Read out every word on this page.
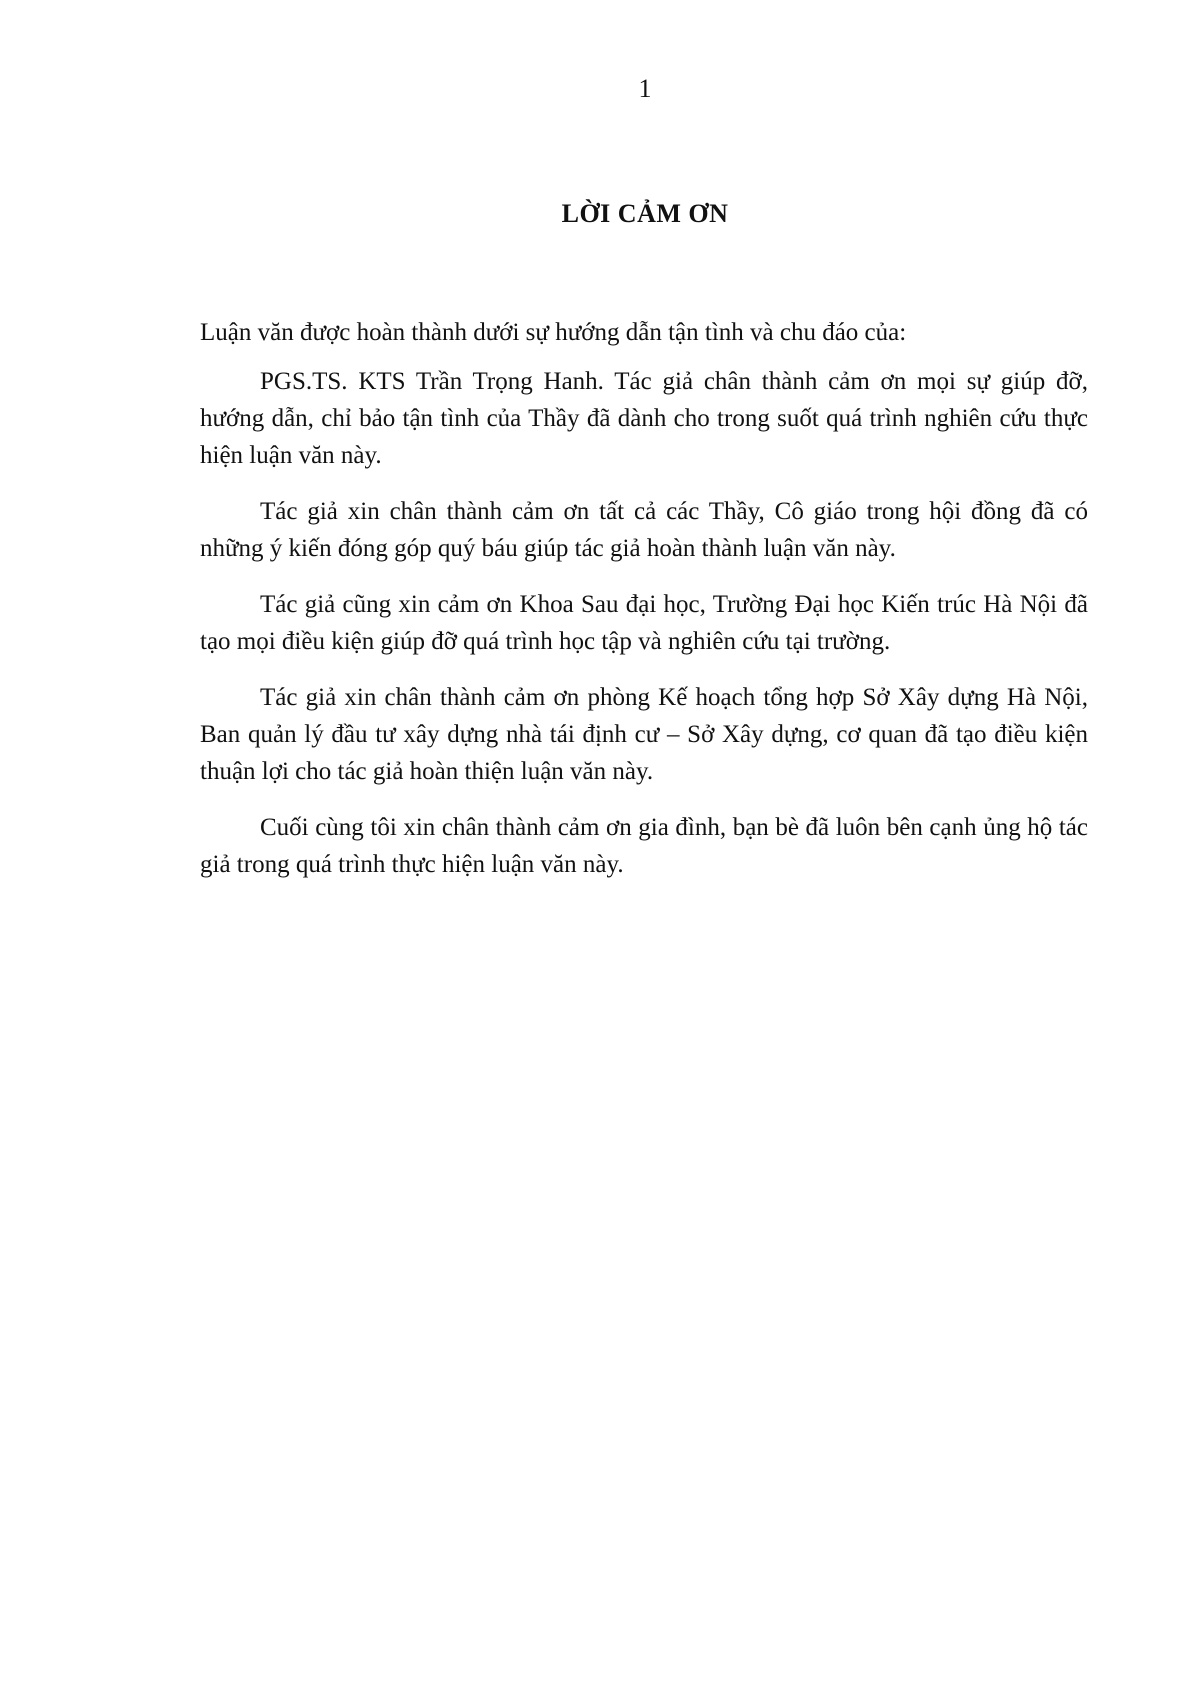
1
LỜI CẢM ƠN

Luận văn được hoàn thành dưới sự hướng dẫn tận tình và chu đáo của:

PGS.TS. KTS Trần Trọng Hanh. Tác giả chân thành cảm ơn mọi sự giúp đỡ, hướng dẫn, chỉ bảo tận tình của Thầy đã dành cho trong suốt quá trình nghiên cứu thực hiện luận văn này.

Tác giả xin chân thành cảm ơn tất cả các Thầy, Cô giáo trong hội đồng đã có những ý kiến đóng góp quý báu giúp tác giả hoàn thành luận văn này.

Tác giả cũng xin cảm ơn Khoa Sau đại học, Trường Đại học Kiến trúc Hà Nội đã tạo mọi điều kiện giúp đỡ quá trình học tập và nghiên cứu tại trường.

Tác giả xin chân thành cảm ơn phòng Kế hoạch tổng hợp Sở Xây dựng Hà Nội, Ban quản lý đầu tư xây dựng nhà tái định cư – Sở Xây dựng, cơ quan đã tạo điều kiện thuận lợi cho tác giả hoàn thiện luận văn này.

Cuối cùng tôi xin chân thành cảm ơn gia đình, bạn bè đã luôn bên cạnh ủng hộ tác giả trong quá trình thực hiện luận văn này.
